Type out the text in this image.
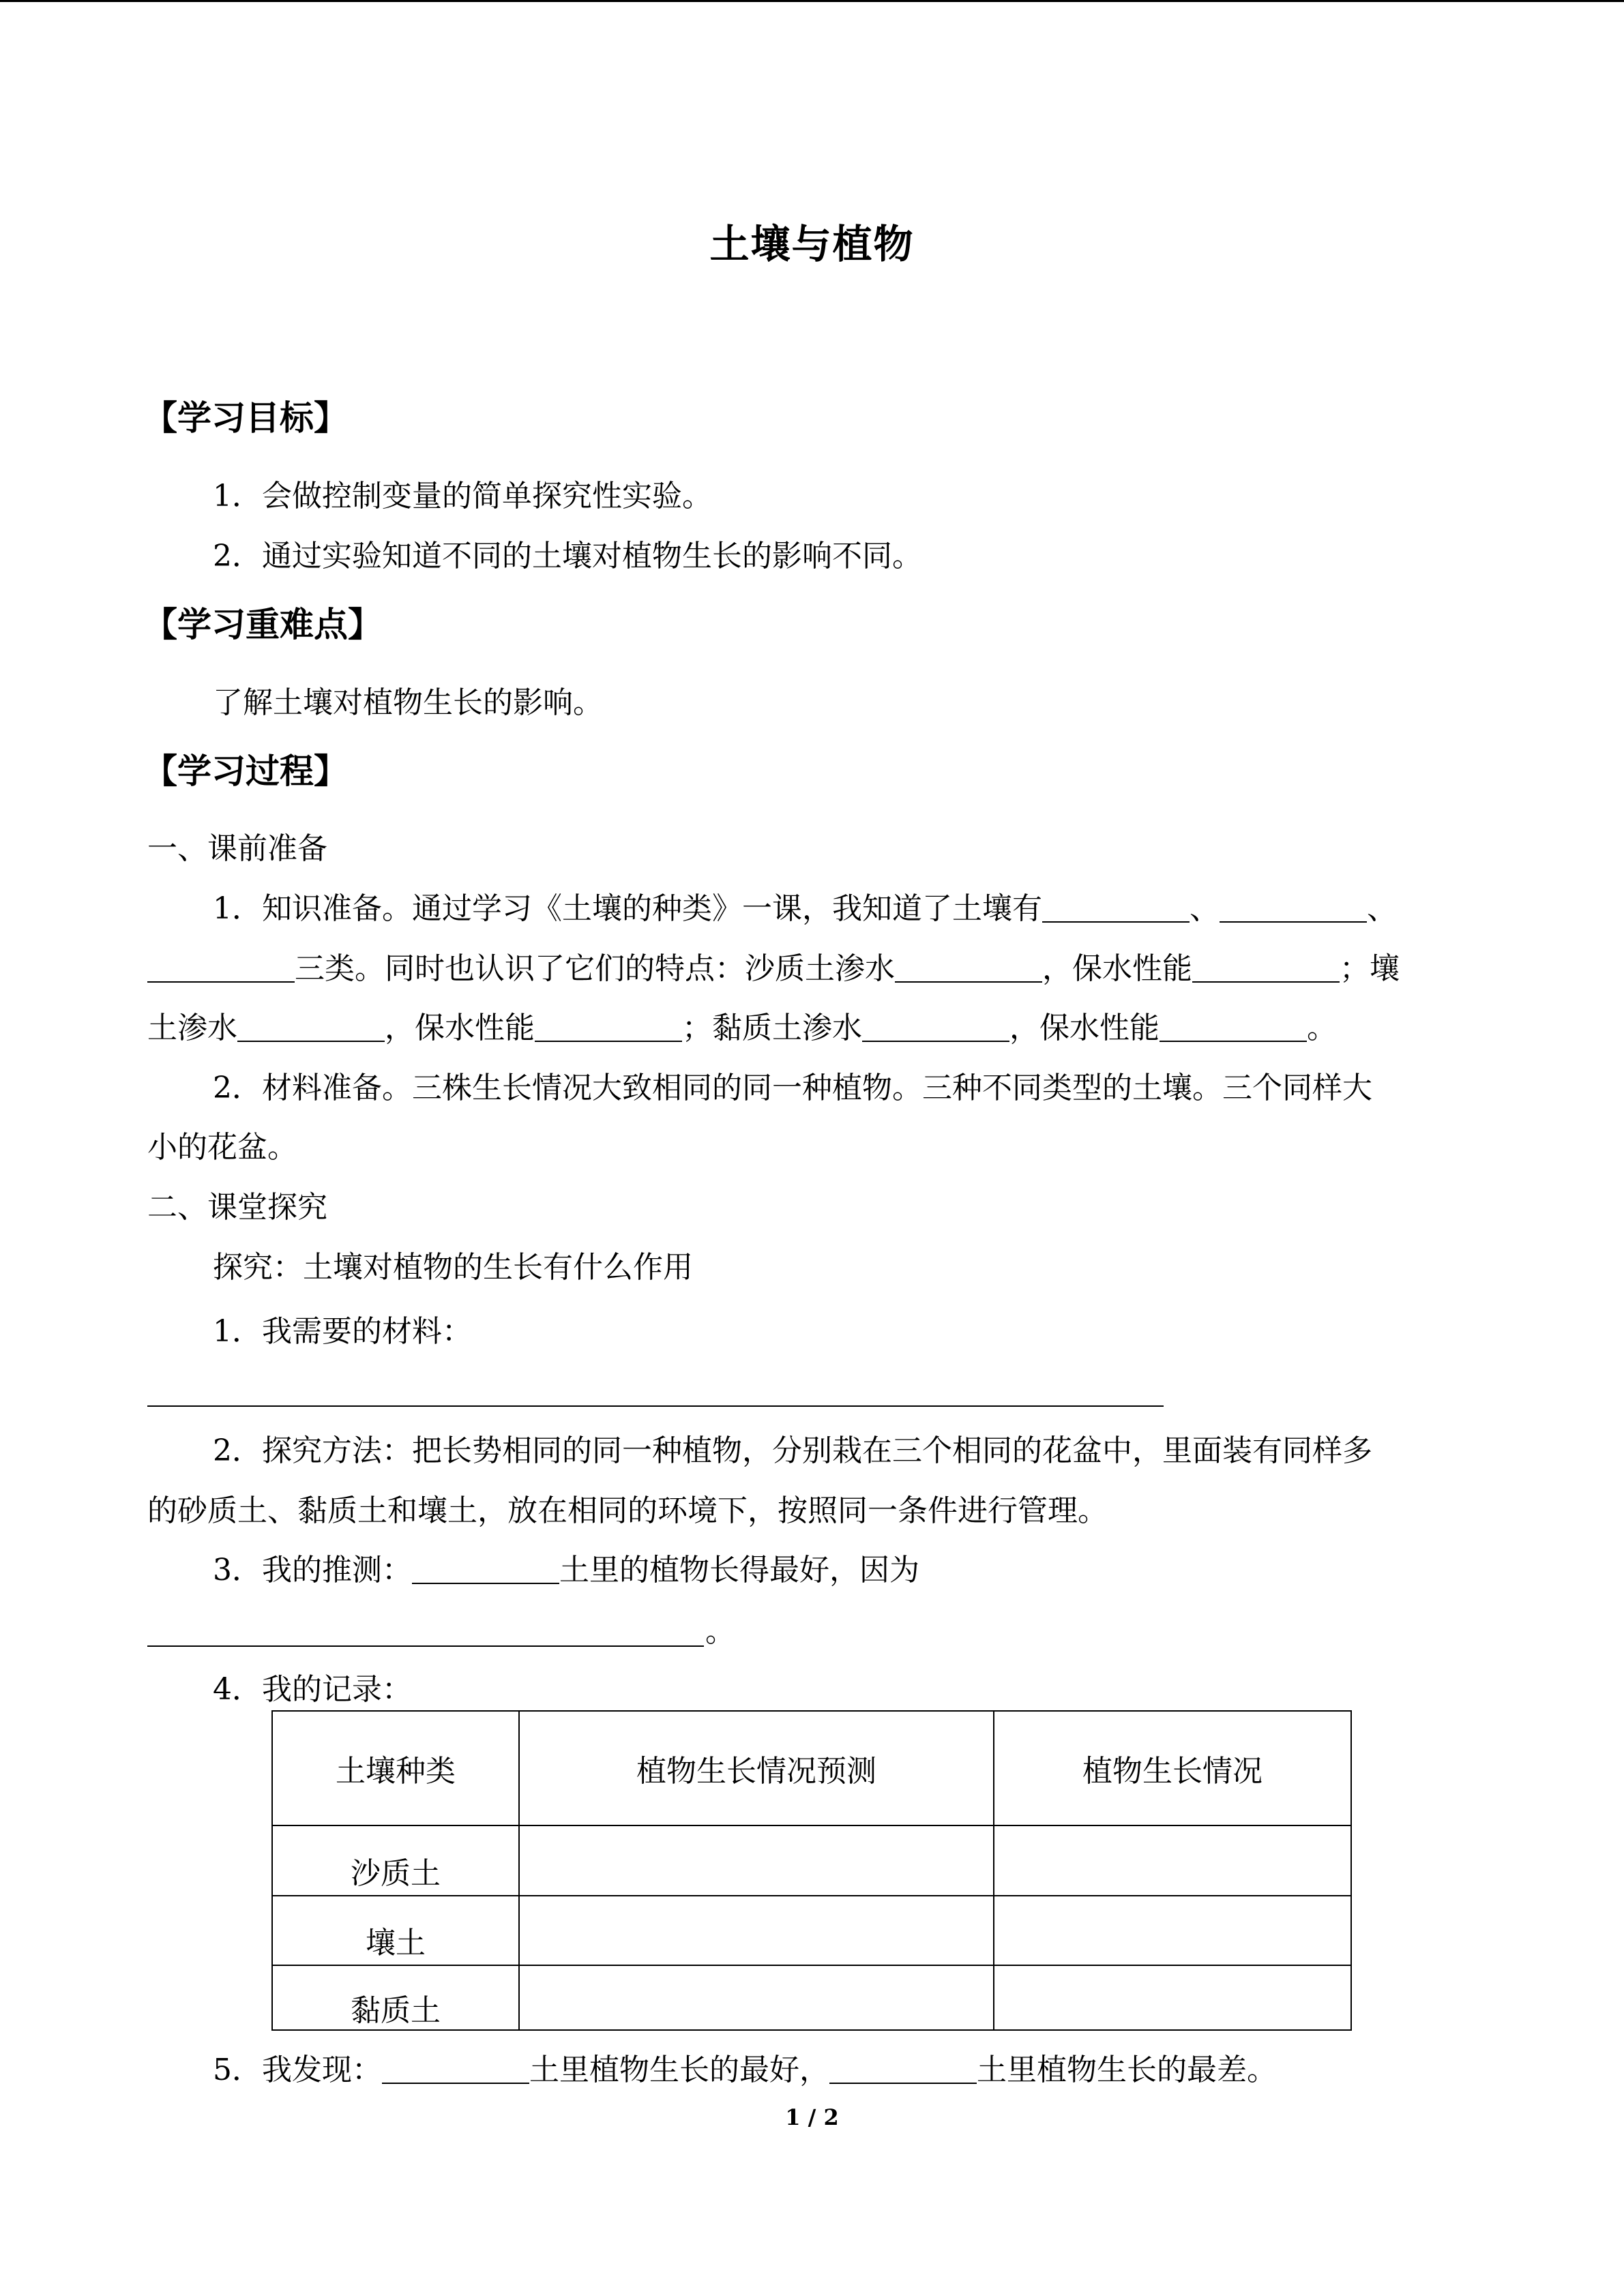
土壤与植物
【学习目标】
1．会做控制变量的简单探究性实验。
2．通过实验知道不同的土壤对植物生长的影响不同。
【学习重难点】
了解土壤对植物生长的影响。
【学习过程】
一、课前准备
1．知识准备。通过学习《土壤的种类》一课，我知道了土壤有	、	、
三类。同时也认识了它们的特点：沙质土渗水	，保水性能	；壤
土渗水	，保水性能	；黏质土渗水	，保水性能	。
2．材料准备。三株生长情况大致相同的同一种植物。三种不同类型的土壤。三个同样大
小的花盆。
二、课堂探究
探究：土壤对植物的生长有什么作用
1．我需要的材料：
2．探究方法：把长势相同的同一种植物，分别栽在三个相同的花盆中，里面装有同样多
的砂质土、黏质土和壤土，放在相同的环境下，按照同一条件进行管理。
3．我的推测：	土里的植物长得最好，因为
。
4．我的记录：
土壤种类	植物生长情况预测	植物生长情况
沙质土		
壤土		
黏质土		
5．我发现：	土里植物生长的最好，	土里植物生长的最差。
1 / 2
